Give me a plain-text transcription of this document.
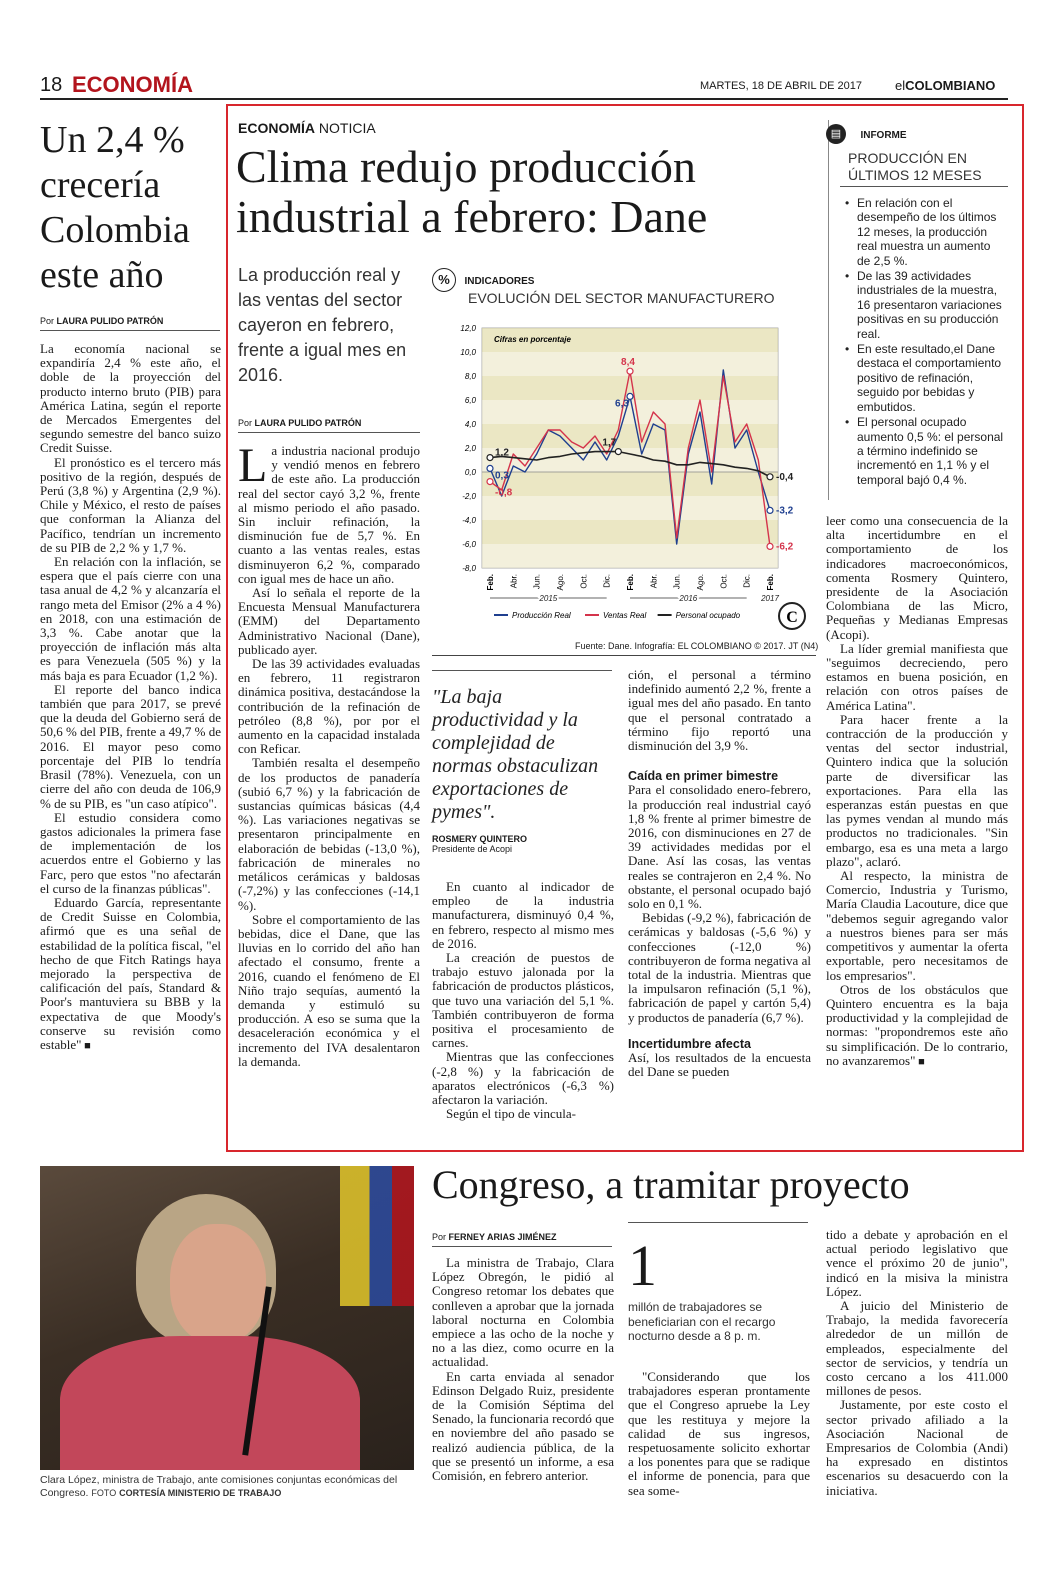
18 ECONOMÍA	MARTES, 18 DE ABRIL DE 2017	elCOLOMBIANO
Un 2,4 % crecería Colombia este año
Por LAURA PULIDO PATRÓN

La economía nacional se expandiría 2,4 % este año, el doble de la proyección del producto interno bruto (PIB) para América Latina, según el reporte de Mercados Emergentes del segundo semestre del banco suizo Credit Suisse.

El pronóstico es el tercero más positivo de la región, después de Perú (3,8 %) y Argentina (2,9 %). Chile y México, el resto de países que conforman la Alianza del Pacífico, tendrían un incremento de su PIB de 2,2 % y 1,7 %.

En relación con la inflación, se espera que el país cierre con una tasa anual de 4,2 % y alcanzaría el rango meta del Emisor (2% a 4 %) en 2018, con una estimación de 3,3 %. Cabe anotar que la proyección de inflación más alta es para Venezuela (505 %) y la más baja es para Ecuador (1,2 %).

El reporte del banco indica también que para 2017, se prevé que la deuda del Gobierno será de 50,6 % del PIB, frente a 49,7 % de 2016. El mayor peso como porcentaje del PIB lo tendría Brasil (78%). Venezuela, con un cierre del año con deuda de 106,9 % de su PIB, es "un caso atípico".

El estudio considera como gastos adicionales la primera fase de implementación de los acuerdos entre el Gobierno y las Farc, pero que estos "no afectarán el curso de la finanzas públicas".

Eduardo García, representante de Credit Suisse en Colombia, afirmó que es una señal de estabilidad de la política fiscal, "el hecho de que Fitch Ratings haya mejorado la perspectiva de calificación del país, Standard & Poor's mantuviera su BBB y la expectativa de que Moody's conserve su revisión como estable" ■

ECONOMÍA NOTICIA
Clima redujo producción industrial a febrero: Dane
La producción real y las ventas del sector cayeron en febrero, frente a igual mes en 2016.
Por LAURA PULIDO PATRÓN
% INDICADORES
EVOLUCIÓN DEL SECTOR MANUFACTURERO
12,0
10,0
8,0
6,0
4,0
2,0
0,0
-2,0
-4,0
-6,0
-8,0
Cifras en porcentaje
1,2
0,3
-0,8
8,4
6,3
1,7
-0,4
-3,2
-6,2
Feb. Abr. Jun. Ago. Oct. Dic. Feb. Abr. Jun. Ago. Oct. Dic. Feb.
2015	2016	2017
Producción Real	Ventas Real	Personal ocupado	C
Fuente: Dane. Infografía: EL COLOMBIANO © 2017. JT (N4)
▤ INFORME
PRODUCCIÓN EN ÚLTIMOS 12 MESES
• En relación con el desempeño de los últimos 12 meses, la producción real muestra un aumento de 2,5 %.
• De las 39 actividades industriales de la muestra, 16 presentaron variaciones positivas en su producción real.
• En este resultado,el Dane destaca el comportamiento positivo de refinación, seguido por bebidas y embutidos.
• El personal ocupado aumento 0,5 %: el personal a término indefinido se incrementó en 1,1 % y el temporal bajó 0,4 %.

La industria nacional produjo y vendió menos en febrero de este año. La producción real del sector cayó 3,2 %, frente al mismo periodo el año pasado. Sin incluir refinación, la disminución fue de 5,7 %. En cuanto a las ventas reales, estas disminuyeron 6,2 %, comparado con igual mes de hace un año.

Así lo señala el reporte de la Encuesta Mensual Manufacturera (EMM) del Departamento Administrativo Nacional (Dane), publicado ayer.

De las 39 actividades evaluadas en febrero, 11 registraron dinámica positiva, destacándose la contribución de la refinación de petróleo (8,8 %), por por el aumento en la capacidad instalada con Reficar.

También resalta el desempeño de los productos de panadería (subió 6,7 %) y la fabricación de sustancias químicas básicas (4,4 %). Las variaciones negativas se presentaron principalmente en elaboración de bebidas (-13,0 %), fabricación de minerales no metálicos cerámicas y baldosas (-7,2%) y las confecciones (-14,1 %).

Sobre el comportamiento de las bebidas, dice el Dane, que las lluvias en lo corrido del año han afectado el consumo, frente a 2016, cuando el fenómeno de El Niño trajo sequías, aumentó la demanda y estimuló su producción. A eso se suma que la desaceleración económica y el incremento del IVA desalentaron la demanda.

"La baja productividad y la complejidad de normas obstaculizan exportaciones de pymes".
ROSMERY QUINTERO
Presidente de Acopi

En cuanto al indicador de empleo de la industria manufacturera, disminuyó 0,4 %, en febrero, respecto al mismo mes de 2016.

La creación de puestos de trabajo estuvo jalonada por la fabricación de productos plásticos, que tuvo una variación del 5,1 %. También contribuyeron de forma positiva el procesamiento de carnes.

Mientras que las confecciones (-2,8 %) y la fabricación de aparatos electrónicos (-6,3 %) afectaron la variación.

Según el tipo de vincula-

ción, el personal a término indefinido aumentó 2,2 %, frente a igual mes del año pasado. En tanto que el personal contratado a término fijo reportó una disminución del 3,9 %.

Caída en primer bimestre

Para el consolidado enero-febrero, la producción real industrial cayó 1,8 % frente al primer bimestre de 2016, con disminuciones en 27 de 39 actividades medidas por el Dane. Así las cosas, las ventas reales se contrajeron en 2,4 %. No obstante, el personal ocupado bajó solo en 0,1 %.

Bebidas (-9,2 %), fabricación de cerámicas y baldosas (-5,6 %) y confecciones (-12,0 %) contribuyeron de forma negativa al total de la industria. Mientras que la impulsaron refinación (5,1 %), fabricación de papel y cartón 5,4) y productos de panadería (6,7 %).

Incertidumbre afecta

Así, los resultados de la encuesta del Dane se pueden

leer como una consecuencia de la alta incertidumbre en el comportamiento de los indicadores macroeconómicos, comenta Rosmery Quintero, presidente de la Asociación Colombiana de las Micro, Pequeñas y Medianas Empresas (Acopi).

La líder gremial manifiesta que "seguimos decreciendo, pero estamos en buena posición, en relación con otros países de América Latina".

Para hacer frente a la contracción de la producción y ventas del sector industrial, Quintero indica que la solución parte de diversificar las exportaciones. Para ella las esperanzas están puestas en que las pymes vendan al mundo más productos no tradicionales. "Sin embargo, esa es una meta a largo plazo", aclaró.

Al respecto, la ministra de Comercio, Industria y Turismo, María Claudia Lacouture, dice que "debemos seguir agregando valor a nuestros bienes para ser más competitivos y aumentar la oferta exportable, pero necesitamos de los empresarios".

Otros de los obstáculos que Quintero encuentra es la baja productividad y la complejidad de normas: "propondremos este año su simplificación. De lo contrario, no avanzaremos" ■

Clara López, ministra de Trabajo, ante comisiones conjuntas económicas del Congreso. FOTO CORTESÍA MINISTERIO DE TRABAJO
Congreso, a tramitar proyecto
Por FERNEY ARIAS JIMÉNEZ

La ministra de Trabajo, Clara López Obregón, le pidió al Congreso retomar los debates que conlleven a aprobar que la jornada laboral nocturna en Colombia empiece a las ocho de la noche y no a las diez, como ocurre en la actualidad.

En carta enviada al senador Edinson Delgado Ruiz, presidente de la Comisión Séptima del Senado, la funcionaria recordó que en noviembre del año pasado se realizó audiencia pública, de la que se presentó un informe, a esa Comisión, en febrero anterior.

1
millón de trabajadores se beneficiarian con el recargo nocturno desde a 8 p. m.

"Considerando que los trabajadores esperan prontamente que el Congreso apruebe la Ley que les restituya y mejore la calidad de sus ingresos, respetuosamente solicito exhortar a los ponentes para que se radique el informe de ponencia, para que sea some-

tido a debate y aprobación en el actual periodo legislativo que vence el próximo 20 de junio", indicó en la misiva la ministra López.

A juicio del Ministerio de Trabajo, la medida favorecería alrededor de un millón de empleados, especialmente del sector de servicios, y tendría un costo cercano a los 411.000 millones de pesos.

Justamente, por este costo el sector privado afiliado a la Asociación Nacional de Empresarios de Colombia (Andi) ha expresado en distintos escenarios su desacuerdo con la iniciativa.
